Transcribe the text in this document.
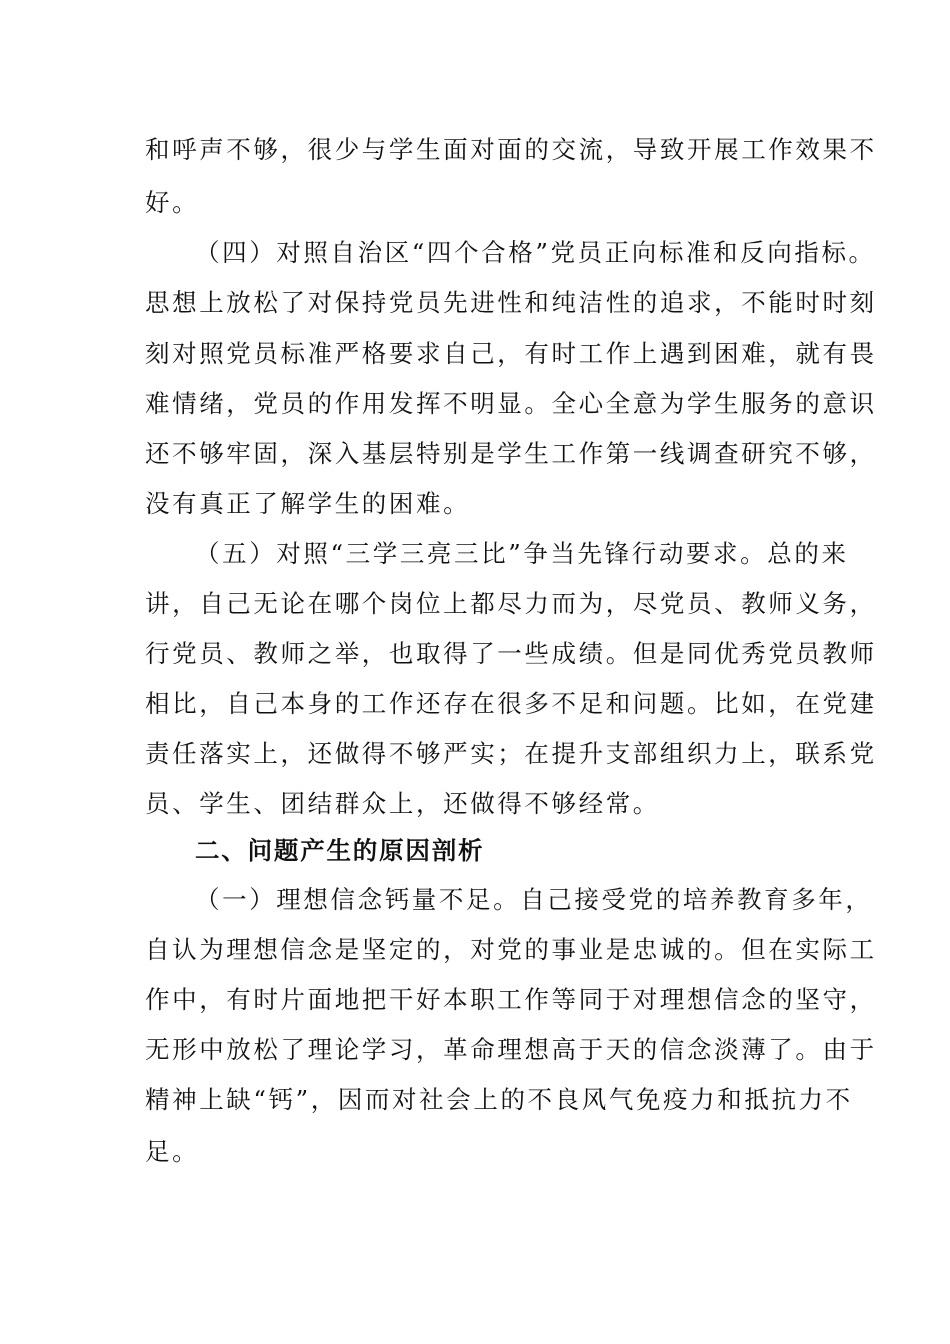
和呼声不够，很少与学生面对面的交流，导致开展工作效果不
好。
（四）对照自治区“四个合格”党员正向标准和反向指标。
思想上放松了对保持党员先进性和纯洁性的追求，不能时时刻
刻对照党员标准严格要求自己，有时工作上遇到困难，就有畏
难情绪，党员的作用发挥不明显。全心全意为学生服务的意识
还不够牢固，深入基层特别是学生工作第一线调查研究不够，
没有真正了解学生的困难。
（五）对照“三学三亮三比”争当先锋行动要求。总的来
讲，自己无论在哪个岗位上都尽力而为，尽党员、教师义务，
行党员、教师之举，也取得了一些成绩。但是同优秀党员教师
相比，自己本身的工作还存在很多不足和问题。比如，在党建
责任落实上，还做得不够严实；在提升支部组织力上，联系党
员、学生、团结群众上，还做得不够经常。
二、问题产生的原因剖析
（一）理想信念钙量不足。自己接受党的培养教育多年，
自认为理想信念是坚定的，对党的事业是忠诚的。但在实际工
作中，有时片面地把干好本职工作等同于对理想信念的坚守，
无形中放松了理论学习，革命理想高于天的信念淡薄了。由于
精神上缺“钙”，因而对社会上的不良风气免疫力和抵抗力不
足。
